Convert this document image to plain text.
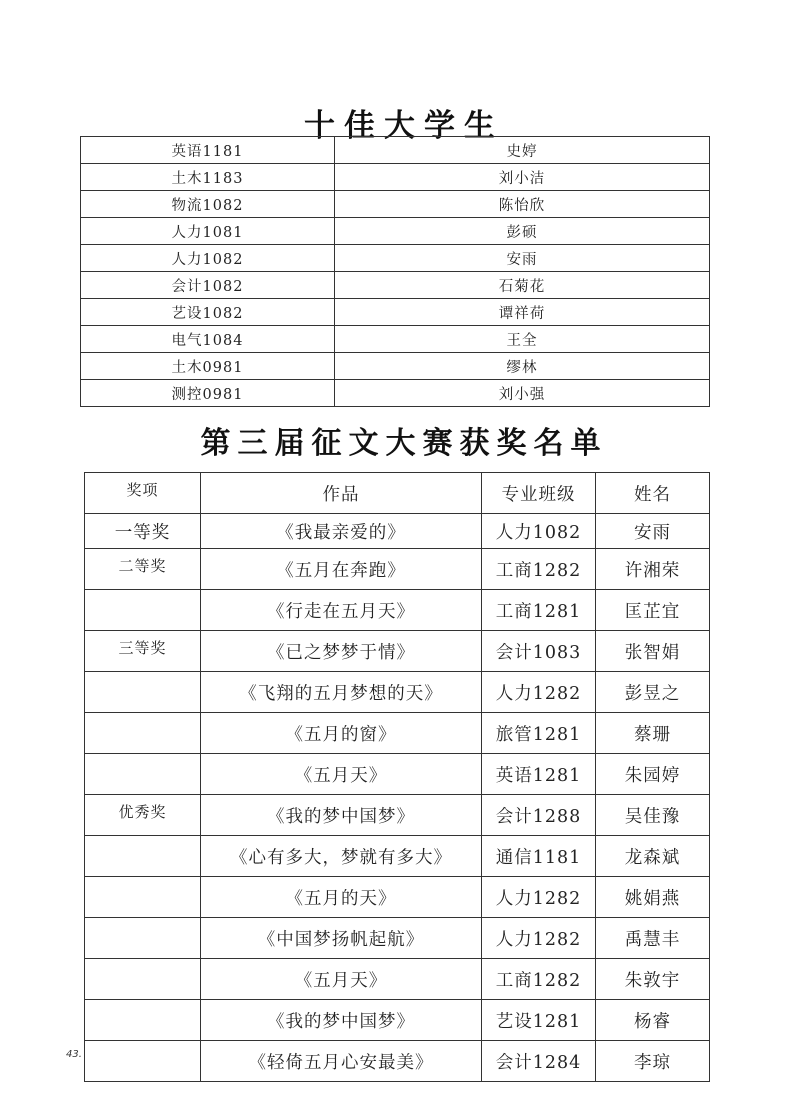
十佳大学生
英语1181	史婷
土木1183	刘小洁
物流1082	陈怡欣
人力1081	彭硕
人力1082	安雨
会计1082	石菊花
艺设1082	谭祥荷
电气1084	王全
土木0981	缪林
测控0981	刘小强
第三届征文大赛获奖名单
奖项	作品	专业班级	姓名
一等奖	《我最亲爱的》	人力1082	安雨
二等奖	《五月在奔跑》	工商1282	许湘荣
	《行走在五月天》	工商1281	匡芷宜
三等奖	《已之梦梦于情》	会计1083	张智娟
	《飞翔的五月梦想的天》	人力1282	彭昱之
	《五月的窗》	旅管1281	蔡珊
	《五月天》	英语1281	朱园婷
优秀奖	《我的梦中国梦》	会计1288	吴佳豫
	《心有多大，梦就有多大》	通信1181	龙森斌
	《五月的天》	人力1282	姚娟燕
	《中国梦扬帆起航》	人力1282	禹慧丰
	《五月天》	工商1282	朱敦宇
	《我的梦中国梦》	艺设1281	杨睿
	《轻倚五月心安最美》	会计1284	李琼
43.
